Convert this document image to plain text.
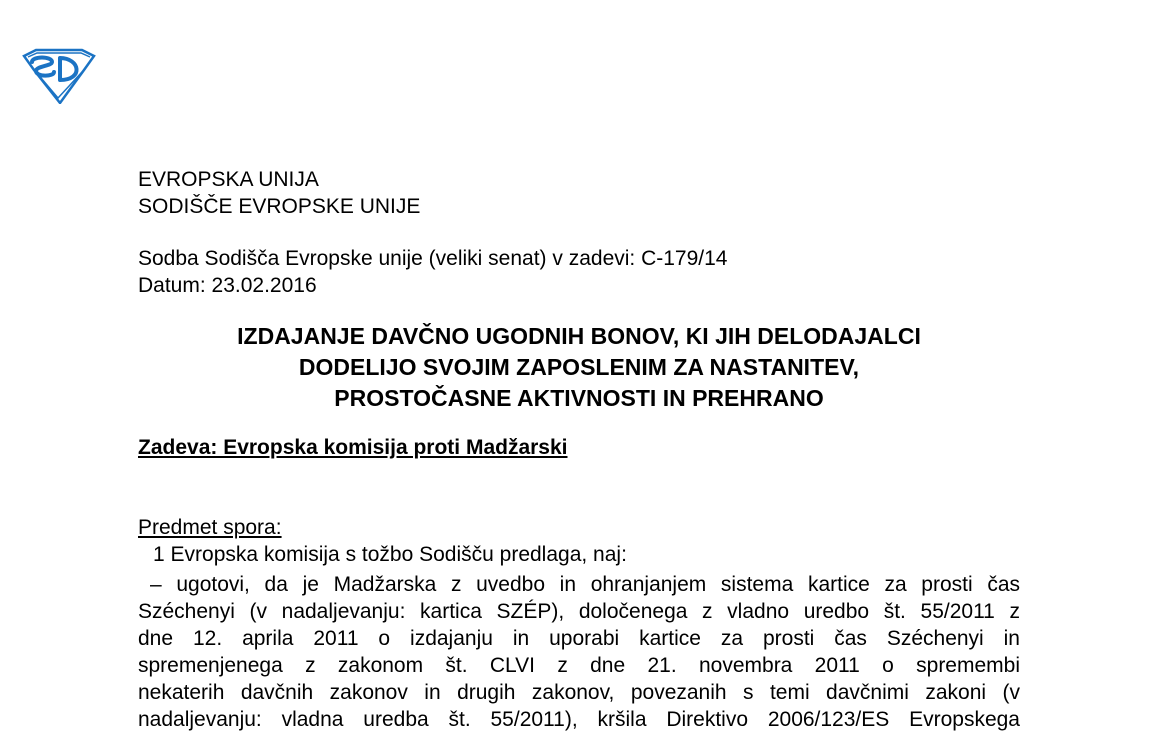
EVROPSKA UNIJA
SODIŠČE EVROPSKE UNIJE
Sodba Sodišča Evropske unije (veliki senat) v zadevi: C-179/14
Datum: 23.02.2016
IZDAJANJE DAVČNO UGODNIH BONOV, KI JIH DELODAJALCI
DODELIJO SVOJIM ZAPOSLENIM ZA NASTANITEV,
PROSTOČASNE AKTIVNOSTI IN PREHRANO
Zadeva: Evropska komisija proti Madžarski
Predmet spora:
1 Evropska komisija s tožbo Sodišču predlaga, naj:
– ugotovi, da je Madžarska z uvedbo in ohranjanjem sistema kartice za prosti čas
Széchenyi (v nadaljevanju: kartica SZÉP), določenega z vladno uredbo št. 55/2011 z
dne 12. aprila 2011 o izdajanju in uporabi kartice za prosti čas Széchenyi in
spremenjenega z zakonom št. CLVI z dne 21. novembra 2011 o spremembi
nekaterih davčnih zakonov in drugih zakonov, povezanih s temi davčnimi zakoni (v
nadaljevanju: vladna uredba št. 55/2011), kršila Direktivo 2006/123/ES Evropskega
